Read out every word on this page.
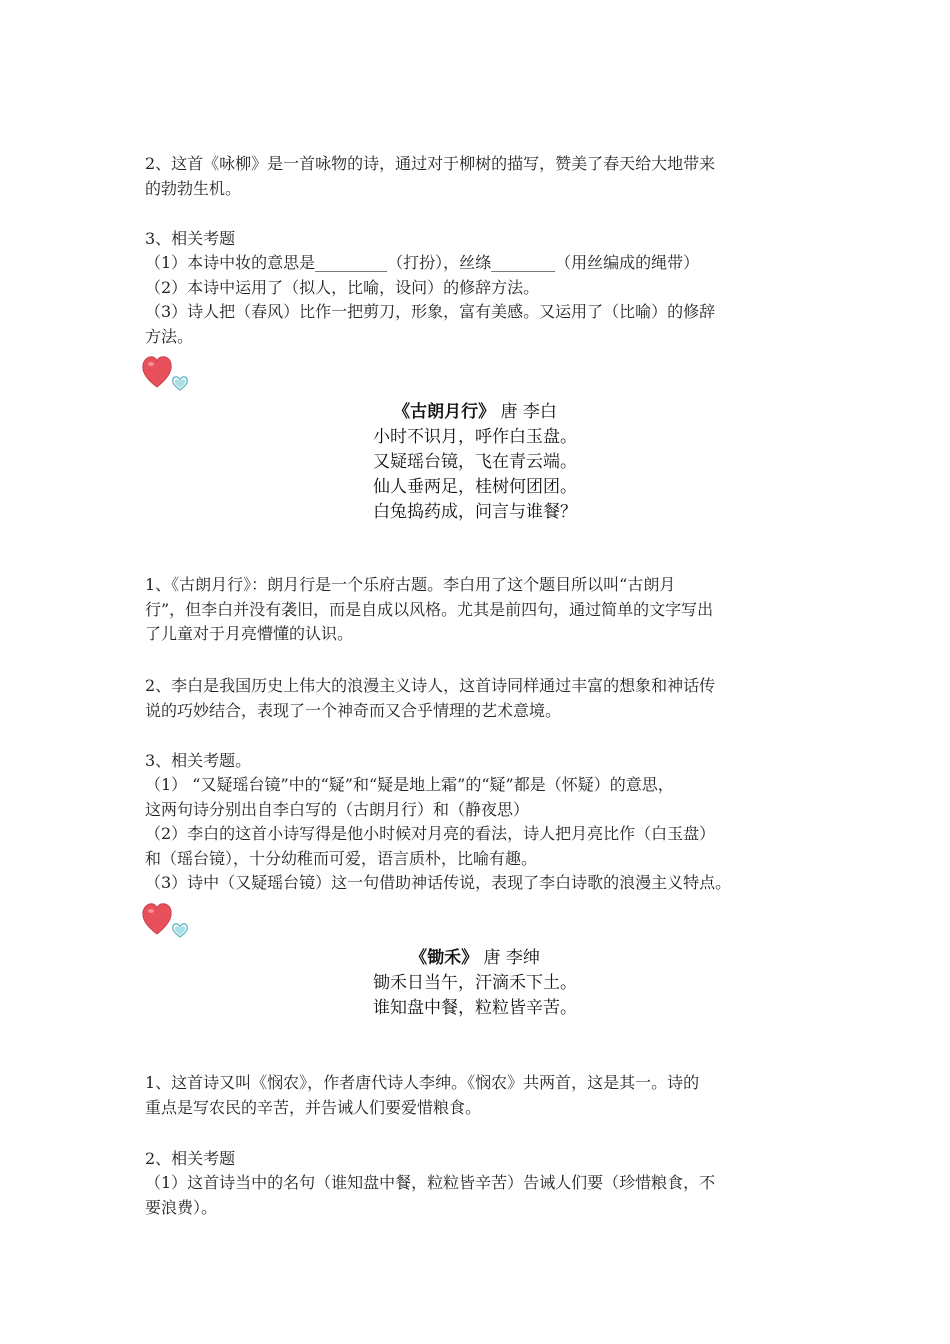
2、这首《咏柳》是一首咏物的诗，通过对于柳树的描写，赞美了春天给大地带来

的勃勃生机。

3、相关考题

（1）本诗中妆的意思是_________（打扮），丝绦________（用丝编成的绳带）

（2）本诗中运用了（拟人，比喻，设问）的修辞方法。

（3）诗人把（春风）比作一把剪刀，形象，富有美感。又运用了（比喻）的修辞

方法。

《古朗月行》 唐 李白

小时不识月，呼作白玉盘。

又疑瑶台镜，飞在青云端。

仙人垂两足，桂树何团团。

白兔捣药成，问言与谁餐？

1、《古朗月行》：朗月行是一个乐府古题。李白用了这个题目所以叫“古朗月

行”，但李白并没有袭旧，而是自成以风格。尤其是前四句，通过简单的文字写出

了儿童对于月亮懵懂的认识。

2、李白是我国历史上伟大的浪漫主义诗人，这首诗同样通过丰富的想象和神话传

说的巧妙结合，表现了一个神奇而又合乎情理的艺术意境。

3、相关考题。

（1） “又疑瑶台镜”中的“疑”和“疑是地上霜”的“疑”都是（怀疑）的意思，

这两句诗分别出自李白写的（古朗月行）和（静夜思）

（2）李白的这首小诗写得是他小时候对月亮的看法，诗人把月亮比作（白玉盘）

和（瑶台镜），十分幼稚而可爱，语言质朴，比喻有趣。

（3）诗中（又疑瑶台镜）这一句借助神话传说，表现了李白诗歌的浪漫主义特点。

《锄禾》 唐 李绅

锄禾日当午，汗滴禾下土。

谁知盘中餐，粒粒皆辛苦。

1、这首诗又叫《悯农》，作者唐代诗人李绅。《悯农》共两首，这是其一。诗的

重点是写农民的辛苦，并告诫人们要爱惜粮食。

2、相关考题

（1）这首诗当中的名句（谁知盘中餐，粒粒皆辛苦）告诫人们要（珍惜粮食，不

要浪费）。
